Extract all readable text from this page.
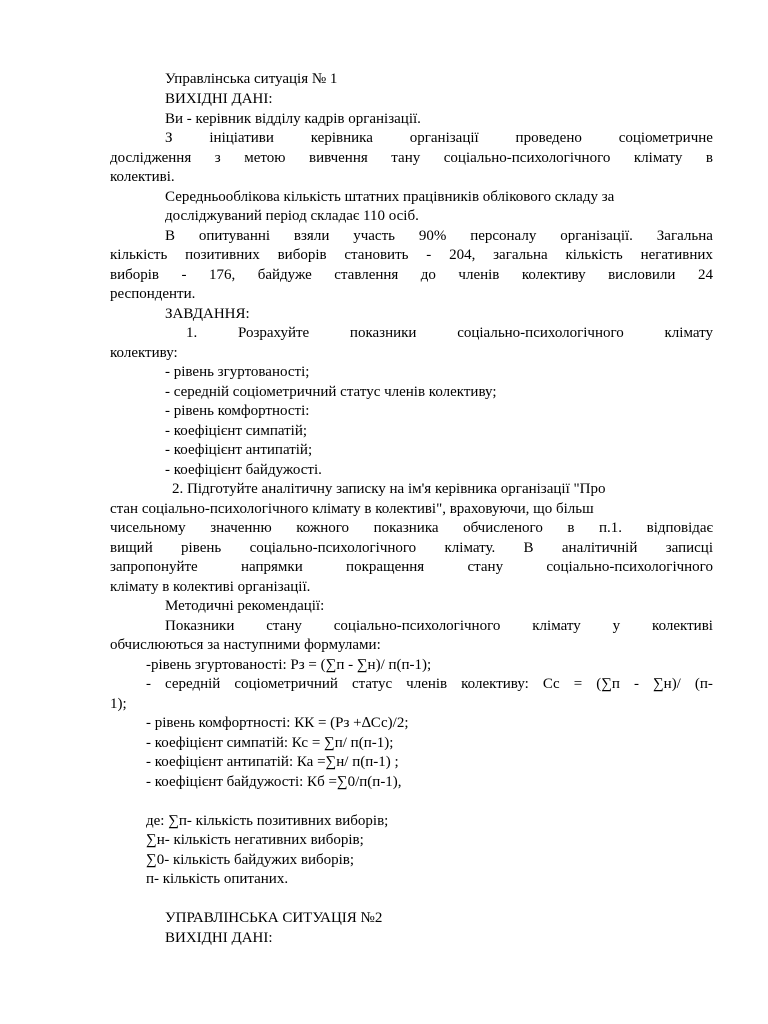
Управлінська ситуація № 1
ВИХІДНІ ДАНІ:
Ви - керівник відділу кадрів організації.
З ініціативи керівника організації проведено соціометричне
дослідження з метою вивчення тану соціально-психологічного клімату в
колективі.
Середньооблікова кількість штатних працівників облікового складу за
досліджуваний період складає 110 осіб.
В опитуванні взяли участь 90% персоналу організації. Загальна
кількість позитивних виборів становить - 204, загальна кількість негативних
виборів - 176, байдуже ставлення до членів колективу висловили 24
респонденти.
ЗАВДАННЯ:
1.	Розрахуйте	показники	соціально-психологічного	клімату
колективу:
- рівень згуртованості;
- середній соціометричний статус членів колективу;
- рівень комфортності:
- коефіцієнт симпатій;
- коефіцієнт антипатій;
- коефіцієнт байдужості.
2. Підготуйте аналітичну записку на ім'я керівника організації "Про
стан соціально-психологічного клімату в колективі", враховуючи, що більш
чисельному значенню кожного показника обчисленого в п.1. відповідає
вищий рівень соціально-психологічного клімату. В аналітичній записці
запропонуйте	напрямки	покращення	стану	соціально-психологічного
клімату в колективі організації.
Методичні рекомендації:
Показники стану соціально-психологічного клімату у колективі
обчислюються за наступними формулами:
-рівень згуртованості: Рз = (∑п - ∑н)/ п(п-1);
- середній соціометричний статус членів колективу: Сс = (∑п - ∑н)/ (п-
1);
- рівень комфортності: КК = (Рз +∆Сс)/2;
- коефіцієнт симпатій: Кс = ∑п/ п(п-1);
- коефіцієнт антипатій: Ка =∑н/ п(п-1) ;
- коефіцієнт байдужості: Кб =∑0/п(п-1),
де: ∑п- кількість позитивних виборів;
∑н- кількість негативних виборів;
∑0- кількість байдужих виборів;
п- кількість опитаних.
УПРАВЛІНСЬКА СИТУАЦІЯ №2
ВИХІДНІ ДАНІ:
